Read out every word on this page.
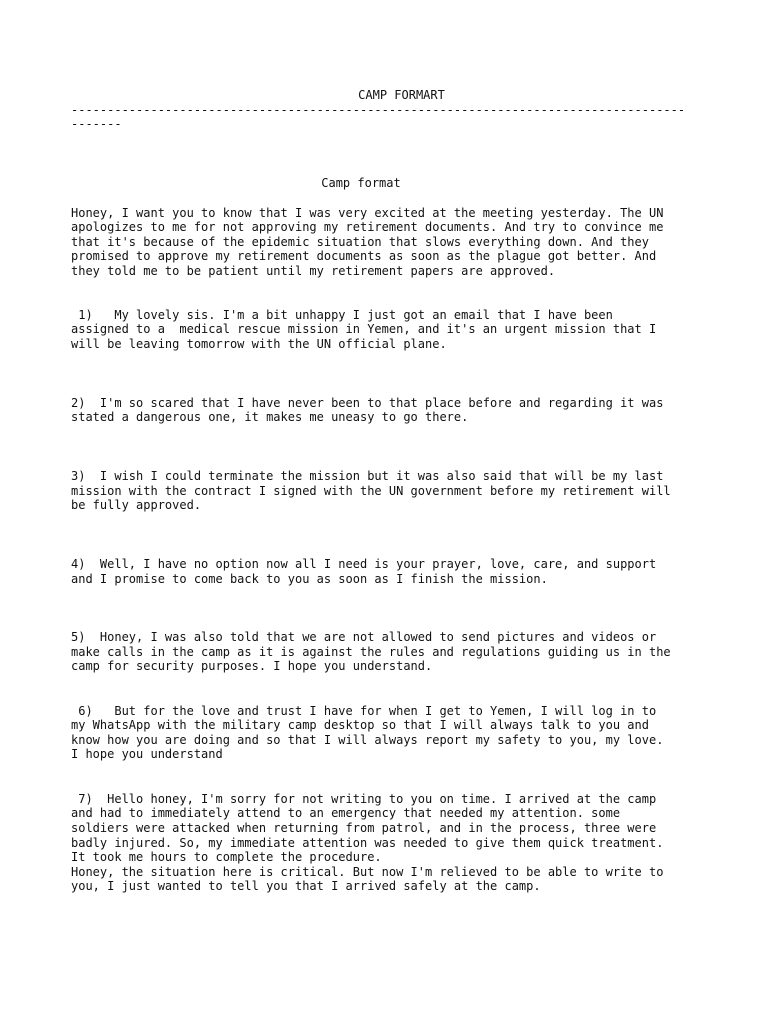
CAMP FORMART
-------------------------------------------------------------------------------------
-------
Camp format
Honey, I want you to know that I was very excited at the meeting yesterday. The UN
apologizes to me for not approving my retirement documents. And try to convince me
that it's because of the epidemic situation that slows everything down. And they
promised to approve my retirement documents as soon as the plague got better. And
they told me to be patient until my retirement papers are approved.
1)   My lovely sis. I'm a bit unhappy I just got an email that I have been
assigned to a  medical rescue mission in Yemen, and it's an urgent mission that I
will be leaving tomorrow with the UN official plane.
2)  I'm so scared that I have never been to that place before and regarding it was
stated a dangerous one, it makes me uneasy to go there.
3)  I wish I could terminate the mission but it was also said that will be my last
mission with the contract I signed with the UN government before my retirement will
be fully approved.
4)  Well, I have no option now all I need is your prayer, love, care, and support
and I promise to come back to you as soon as I finish the mission.
5)  Honey, I was also told that we are not allowed to send pictures and videos or
make calls in the camp as it is against the rules and regulations guiding us in the
camp for security purposes. I hope you understand.
6)   But for the love and trust I have for when I get to Yemen, I will log in to
my WhatsApp with the military camp desktop so that I will always talk to you and
know how you are doing and so that I will always report my safety to you, my love.
I hope you understand
7)  Hello honey, I'm sorry for not writing to you on time. I arrived at the camp
and had to immediately attend to an emergency that needed my attention. some
soldiers were attacked when returning from patrol, and in the process, three were
badly injured. So, my immediate attention was needed to give them quick treatment.
It took me hours to complete the procedure.
Honey, the situation here is critical. But now I'm relieved to be able to write to
you, I just wanted to tell you that I arrived safely at the camp.
